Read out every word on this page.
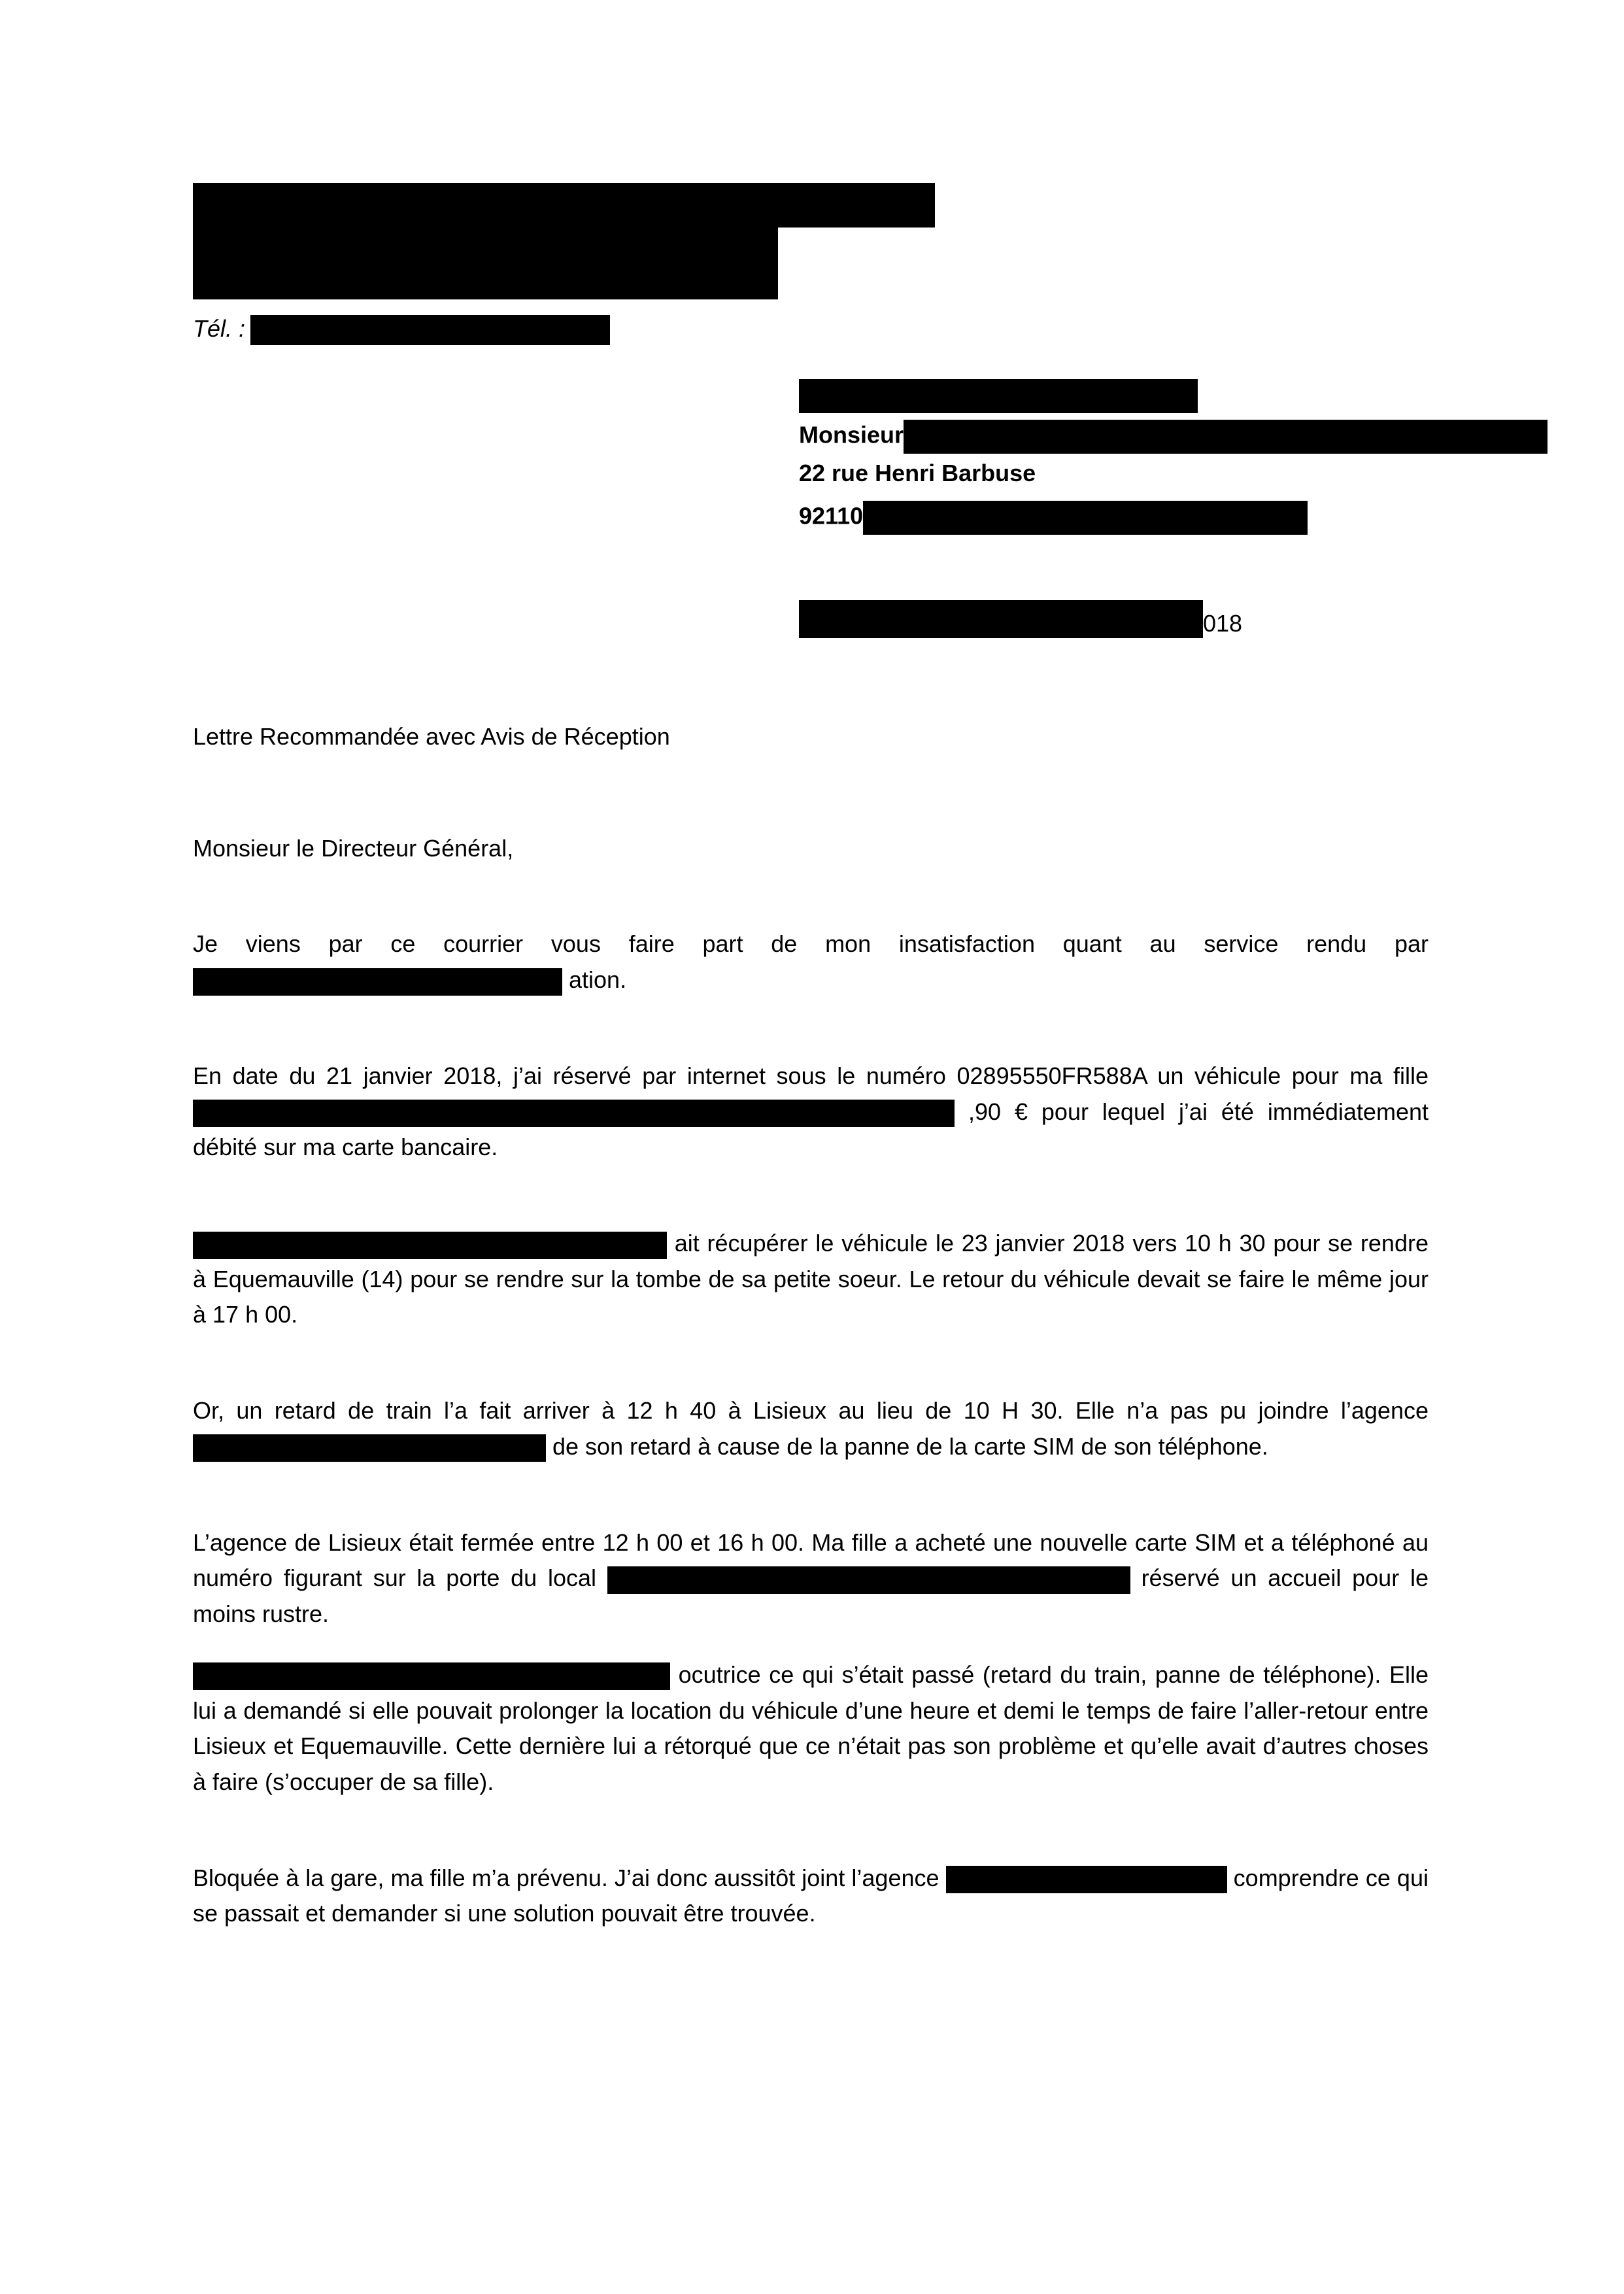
Tél. :
Monsieur
22 rue Henri Barbuse
92110
018

Lettre Recommandée avec Avis de Réception

Monsieur le Directeur Général,

Je viens par ce courrier vous faire part de mon insatisfaction quant au service rendu par  ation.

En date du 21 janvier 2018, j’ai réservé par internet sous le numéro 02895550FR588A un véhicule pour ma fille  ,90 € pour lequel j’ai été immédiatement débité sur ma carte bancaire.

ait récupérer le véhicule le 23 janvier 2018 vers 10 h 30 pour se rendre à Equemauville (14) pour se rendre sur la tombe de sa petite soeur. Le retour du véhicule devait se faire le même jour à 17 h 00.

Or, un retard de train l’a fait arriver à 12 h 40 à Lisieux au lieu de 10 H 30. Elle n’a pas pu joindre l’agence  de son retard à cause de la panne de la carte SIM de son téléphone.

L’agence de Lisieux était fermée entre 12 h 00 et 16 h 00. Ma fille a acheté une nouvelle carte SIM et a téléphoné au numéro figurant sur la porte du local	réservé un accueil pour le moins rustre.

ocutrice ce qui s’était passé (retard du train, panne de téléphone). Elle lui a demandé si elle pouvait prolonger la location du véhicule d’une heure et demi le temps de faire l’aller-retour entre Lisieux et Equemauville. Cette dernière lui a rétorqué que ce n’était pas son problème et qu’elle avait d’autres choses à faire (s’occuper de sa fille).

Bloquée à la gare, ma fille m’a prévenu. J’ai donc aussitôt joint l’agence	comprendre ce qui se passait et demander si une solution pouvait être trouvée.
